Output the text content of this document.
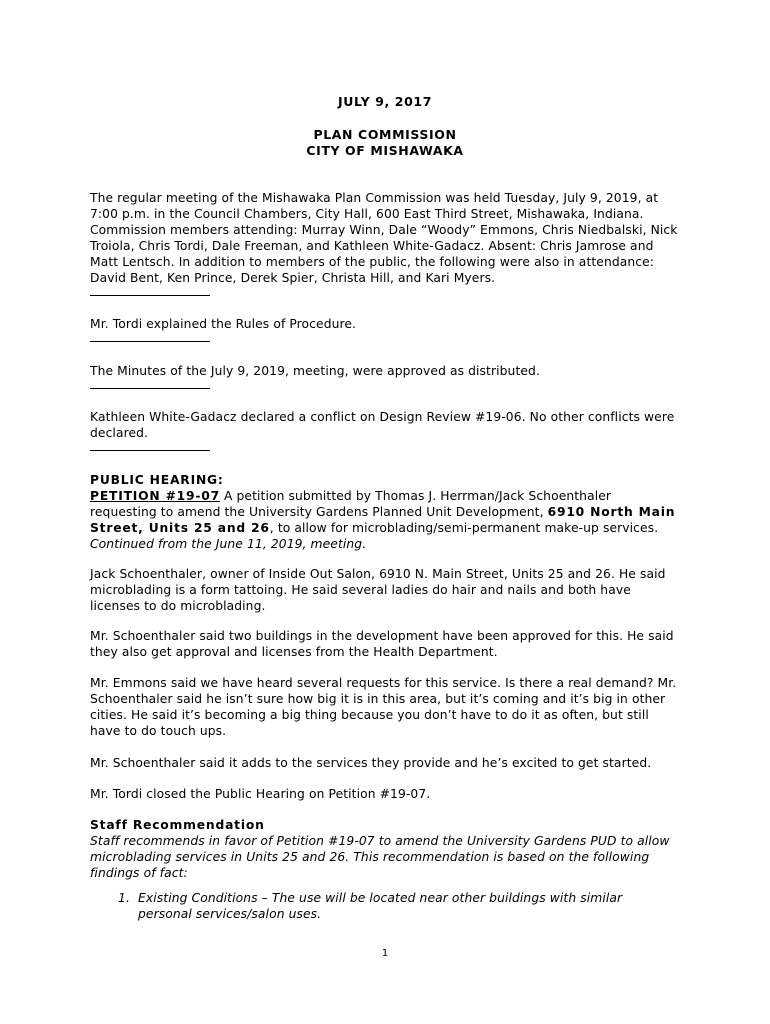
JULY 9, 2017
PLAN COMMISSION
CITY OF MISHAWAKA

The regular meeting of the Mishawaka Plan Commission was held Tuesday, July 9, 2019, at 7:00 p.m. in the Council Chambers, City Hall, 600 East Third Street, Mishawaka, Indiana. Commission members attending: Murray Winn, Dale “Woody” Emmons, Chris Niedbalski, Nick Troiola, Chris Tordi, Dale Freeman, and Kathleen White-Gadacz. Absent: Chris Jamrose and Matt Lentsch. In addition to members of the public, the following were also in attendance: David Bent, Ken Prince, Derek Spier, Christa Hill, and Kari Myers.

Mr. Tordi explained the Rules of Procedure.

The Minutes of the July 9, 2019, meeting, were approved as distributed.

Kathleen White-Gadacz declared a conflict on Design Review #19-06. No other conflicts were declared.

PUBLIC HEARING:

PETITION #19-07 A petition submitted by Thomas J. Herrman/Jack Schoenthaler requesting to amend the University Gardens Planned Unit Development, 6910 North Main Street, Units 25 and 26, to allow for microblading/semi-permanent make-up services.

Continued from the June 11, 2019, meeting.

Jack Schoenthaler, owner of Inside Out Salon, 6910 N. Main Street, Units 25 and 26. He said microblading is a form tattoing. He said several ladies do hair and nails and both have licenses to do microblading.

Mr. Schoenthaler said two buildings in the development have been approved for this. He said they also get approval and licenses from the Health Department.

Mr. Emmons said we have heard several requests for this service. Is there a real demand? Mr. Schoenthaler said he isn’t sure how big it is in this area, but it’s coming and it’s big in other cities. He said it’s becoming a big thing because you don’t have to do it as often, but still have to do touch ups.

Mr. Schoenthaler said it adds to the services they provide and he’s excited to get started.

Mr. Tordi closed the Public Hearing on Petition #19-07.

Staff Recommendation

Staff recommends in favor of Petition #19-07 to amend the University Gardens PUD to allow microblading services in Units 25 and 26. This recommendation is based on the following findings of fact:

1. Existing Conditions – The use will be located near other buildings with similar personal services/salon uses.
1
